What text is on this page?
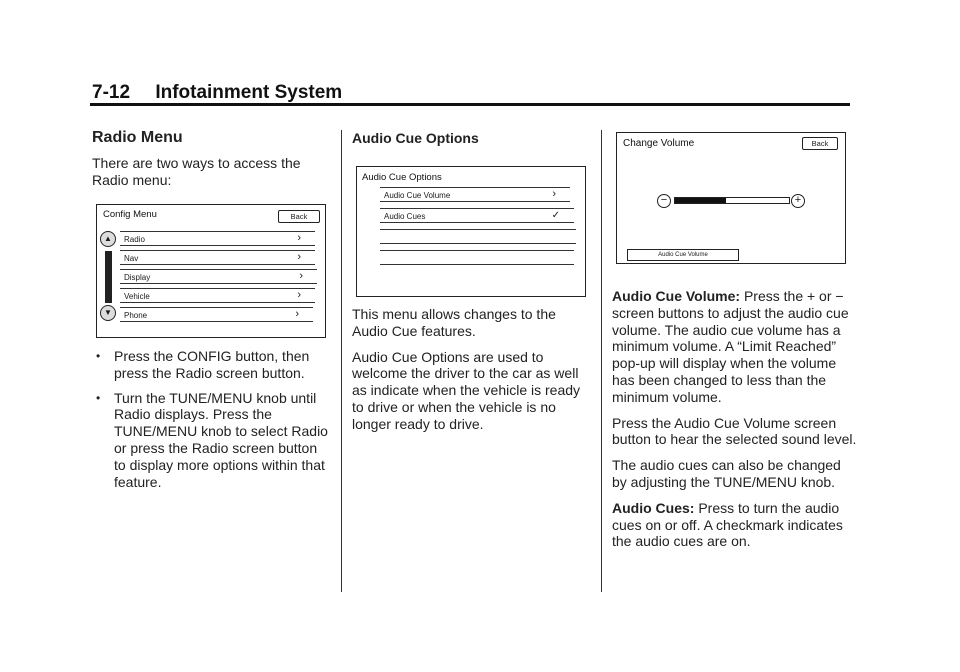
7-12 Infotainment System
Radio Menu

There are two ways to access the Radio menu:

Config Menu	Back
▲
▼
Radio	›
Nav	›
Display	›
Vehicle	›
Phone	›
• Press the CONFIG button, then press the Radio screen button.
• Turn the TUNE/MENU knob until Radio displays. Press the TUNE/MENU knob to select Radio or press the Radio screen button to display more options within that feature.
Audio Cue Options
Audio Cue Options
Audio Cue Volume	›
Audio Cues	✓

This menu allows changes to the Audio Cue features.

Audio Cue Options are used to welcome the driver to the car as well as indicate when the vehicle is ready to drive or when the vehicle is no longer ready to drive.

Change Volume	Back
−	+
Audio Cue Volume

Audio Cue Volume: Press the + or − screen buttons to adjust the audio cue volume. The audio cue volume has a minimum volume. A “Limit Reached” pop-up will display when the volume has been changed to less than the minimum volume.

Press the Audio Cue Volume screen button to hear the selected sound level.

The audio cues can also be changed by adjusting the TUNE/MENU knob.

Audio Cues: Press to turn the audio cues on or off. A checkmark indicates the audio cues are on.
